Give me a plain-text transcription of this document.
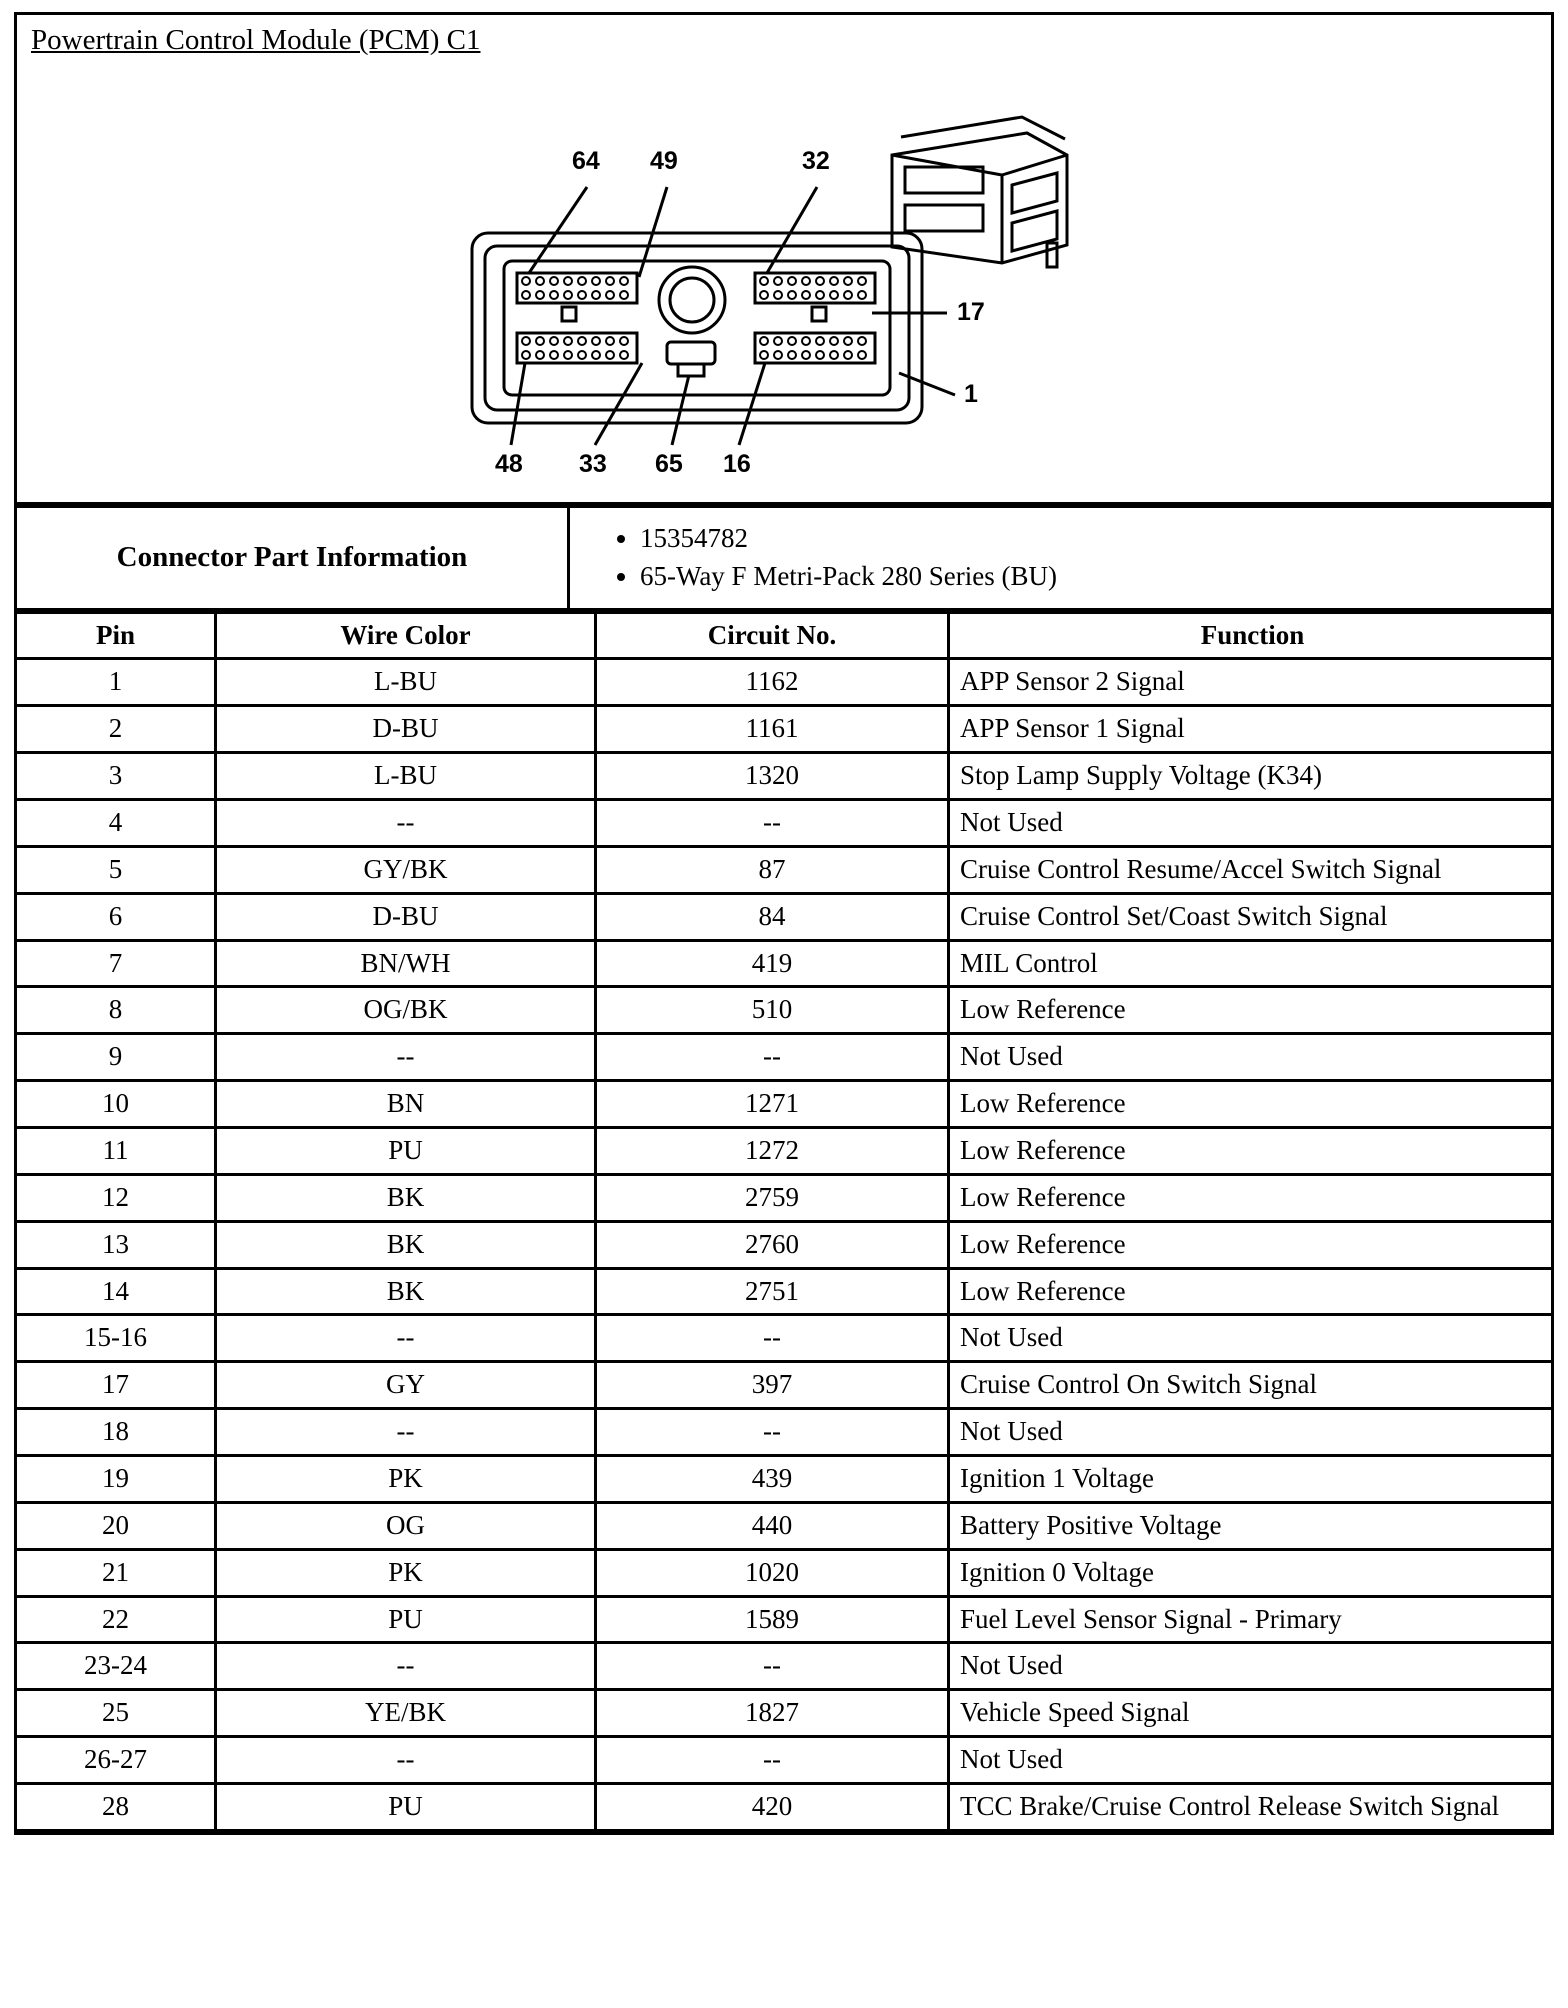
Powertrain Control Module (PCM) C1
64 49	32
17
1
48 33 65 16
Connector Part Information	
• 15354782
• 65-Way F Metri-Pack 280 Series (BU)
Pin	Wire Color	Circuit No.	Function
1	L-BU	1162	APP Sensor 2 Signal
2	D-BU	1161	APP Sensor 1 Signal
3	L-BU	1320	Stop Lamp Supply Voltage (K34)
4	--	--	Not Used
5	GY/BK	87	Cruise Control Resume/Accel Switch Signal
6	D-BU	84	Cruise Control Set/Coast Switch Signal
7	BN/WH	419	MIL Control
8	OG/BK	510	Low Reference
9	--	--	Not Used
10	BN	1271	Low Reference
11	PU	1272	Low Reference
12	BK	2759	Low Reference
13	BK	2760	Low Reference
14	BK	2751	Low Reference
15-16	--	--	Not Used
17	GY	397	Cruise Control On Switch Signal
18	--	--	Not Used
19	PK	439	Ignition 1 Voltage
20	OG	440	Battery Positive Voltage
21	PK	1020	Ignition 0 Voltage
22	PU	1589	Fuel Level Sensor Signal - Primary
23-24	--	--	Not Used
25	YE/BK	1827	Vehicle Speed Signal
26-27	--	--	Not Used
28	PU	420	TCC Brake/Cruise Control Release Switch Signal
